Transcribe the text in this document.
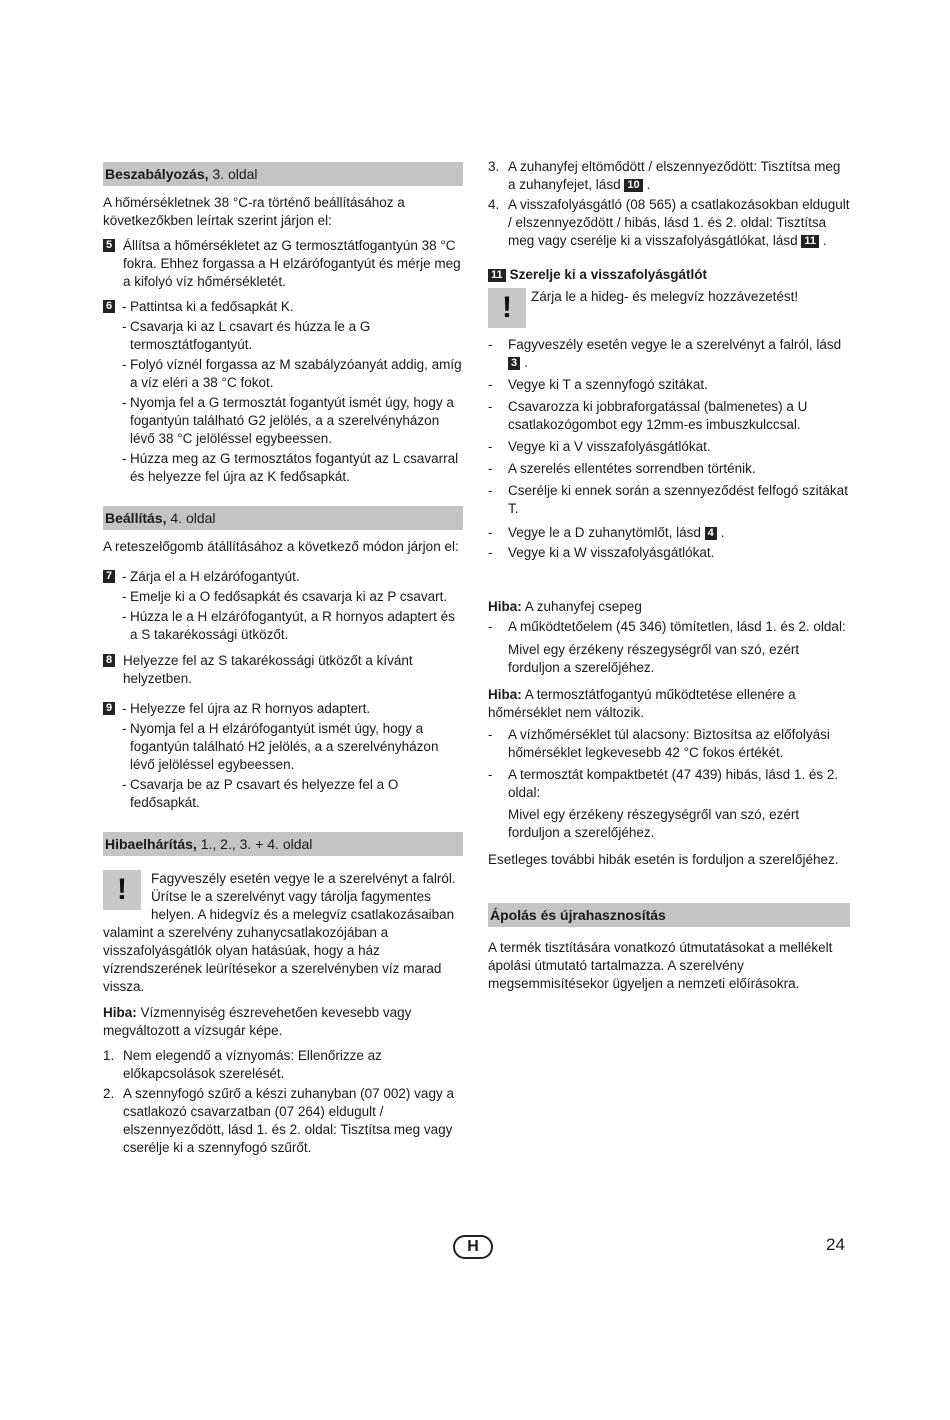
Beszabályozás, 3. oldal

A hőmérsékletnek 38 °C-ra történő beállításához a következőkben leírtak szerint járjon el:

5 Állítsa a hőmérsékletet az G termosztátfogantyún 38 °C fokra. Ehhez forgassa a H elzárófogantyút és mérje meg a kifolyó víz hőmérsékletét.
6	- Pattintsa ki a fedősapkát K.
- Csavarja ki az L csavart és húzza le a G termosztátfogantyút.
- Folyó víznél forgassa az M szabályzóanyát addig, amíg a víz eléri a 38 °C fokot.
- Nyomja fel a G termosztát fogantyút ismét úgy, hogy a fogantyún található G2 jelölés, a a szerelvényházon lévő 38 °C jelöléssel egybeessen.
- Húzza meg az G termosztátos fogantyút az L csavarral és helyezze fel újra az K fedősapkát.
Beállítás, 4. oldal

A reteszelőgomb átállításához a következő módon járjon el:

7	- Zárja el a H elzárófogantyút.
- Emelje ki a O fedősapkát és csavarja ki az P csavart.
- Húzza le a H elzárófogantyút, a R hornyos adaptert és a S takarékossági ütközőt.
8 Helyezze fel az S takarékossági ütközőt a kívánt helyzetben.
9	- Helyezze fel újra az R hornyos adaptert.
- Nyomja fel a H elzárófogantyút ismét úgy, hogy a fogantyún található H2 jelölés, a a szerelvényházon lévő jelöléssel egybeessen.
- Csavarja be az P csavart és helyezze fel a O fedősapkát.
Hibaelhárítás, 1., 2., 3. + 4. oldal
!	Fagyveszély esetén vegye le a szerelvényt a falról. Ürítse le a szerelvényt vagy tárolja fagymentes helyen. A hidegvíz és a melegvíz csatlakozásaiban valamint a szerelvény zuhanycsatlakozójában a visszafolyásgátlók olyan hatásúak, hogy a ház vízrendszerének leürítésekor a szerelvényben víz marad vissza.

Hiba: Vízmennyiség észrevehetően kevesebb vagy megváltozott a vízsugár képe.

1. Nem elegendő a víznyomás: Ellenőrizze az előkapcsolások szerelését.
2. A szennyfogó szűrő a készi zuhanyban (07 002) vagy a csatlakozó csavarzatban (07 264) eldugult / elszennyeződött, lásd 1. és 2. oldal: Tisztítsa meg vagy cserélje ki a szennyfogó szűrőt.
3. A zuhanyfej eltömődött / elszennyeződött: Tisztítsa meg a zuhanyfejet, lásd 10 .
4. A visszafolyásgátló (08 565) a csatlakozásokban eldugult / elszennyeződött / hibás, lásd 1. és 2. oldal: Tisztítsa meg vagy cserélje ki a visszafolyásgátlókat, lásd 11 .
11 Szerelje ki a visszafolyásgátlót
!	Zárja le a hideg- és melegvíz hozzávezetést!
- Fagyveszély esetén vegye le a szerelvényt a falról, lásd 3 .
- Vegye ki T a szennyfogó szitákat.
- Csavarozza ki jobbraforgatással (balmenetes) a U csatlakozógombot egy 12mm-es imbuszkulccsal.
- Vegye ki a V visszafolyásgátlókat.
- A szerelés ellentétes sorrendben történik.
- Cserélje ki ennek során a szennyeződést felfogó szitákat T.
- Vegye le a D zuhanytömlőt, lásd 4 .
- Vegye ki a W visszafolyásgátlókat.

Hiba: A zuhanyfej csepeg

- A működtetőelem (45 346) tömítetlen, lásd 1. és 2. oldal:

Mivel egy érzékeny részegységről van szó, ezért forduljon a szerelőjéhez.

Hiba: A termosztátfogantyú működtetése ellenére a hőmérséklet nem változik.

- A vízhőmérséklet túl alacsony: Biztosítsa az előfolyási hőmérséklet legkevesebb 42 °C fokos értékét.
- A termosztát kompaktbetét (47 439) hibás, lásd 1. és 2. oldal:

Mivel egy érzékeny részegységről van szó, ezért forduljon a szerelőjéhez.

Esetleges további hibák esetén is forduljon a szerelőjéhez.

Ápolás és újrahasznosítás

A termék tisztítására vonatkozó útmutatásokat a mellékelt ápolási útmutató tartalmazza. A szerelvény megsemmisítésekor ügyeljen a nemzeti előírásokra.

H	24
